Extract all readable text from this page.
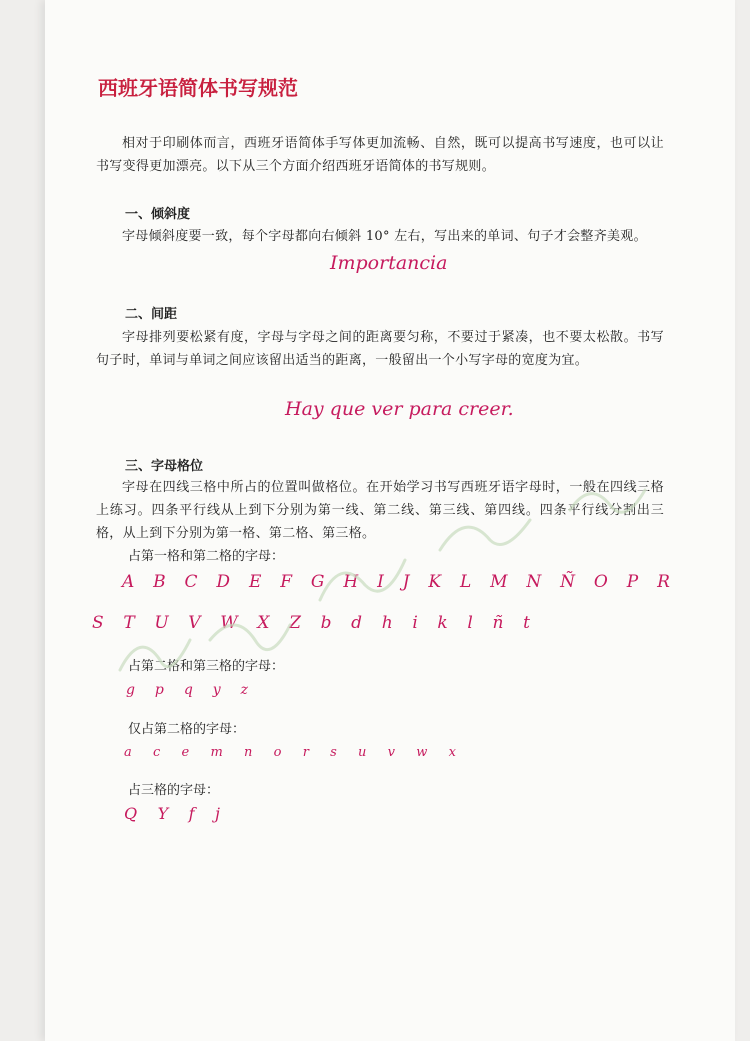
西班牙语简体书写规范

相对于印刷体而言，西班牙语简体手写体更加流畅、自然，既可以提高书写速度，也可以让书写变得更加漂亮。以下从三个方面介绍西班牙语简体的书写规则。

一、倾斜度

字母倾斜度要一致，每个字母都向右倾斜 10° 左右，写出来的单词、句子才会整齐美观。

Importancia
二、间距

字母排列要松紧有度，字母与字母之间的距离要匀称，不要过于紧凑，也不要太松散。书写句子时，单词与单词之间应该留出适当的距离，一般留出一个小写字母的宽度为宜。

Hay que ver para creer.
三、字母格位

字母在四线三格中所占的位置叫做格位。在开始学习书写西班牙语字母时，一般在四线三格上练习。四条平行线从上到下分别为第一线、第二线、第三线、第四线。四条平行线分割出三格，从上到下分别为第一格、第二格、第三格。

占第一格和第二格的字母：

A B C D E F G H I J K L M N Ñ O P R
S T U V W X Z b d h i k l ñ t

占第二格和第三格的字母：

g p q y z

仅占第二格的字母：

a c e m n o r s u v w x

占三格的字母：

Q Y f j
